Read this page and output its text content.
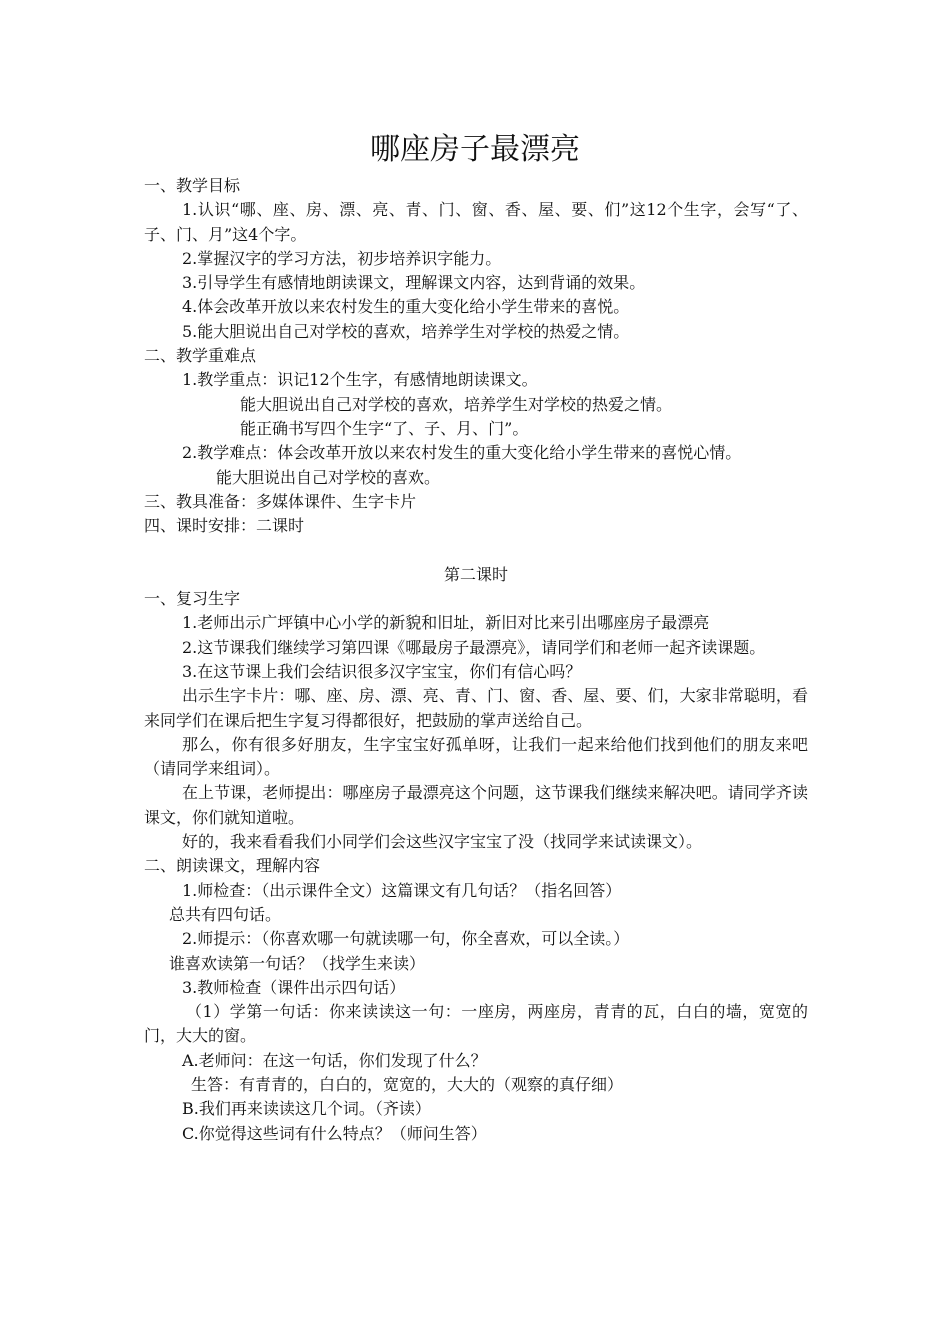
哪座房子最漂亮

一、教学目标

1.认识“哪、座、房、漂、亮、青、门、窗、香、屋、要、们”这12个生字，会写“了、子、门、月”这4个字。

2.掌握汉字的学习方法，初步培养识字能力。

3.引导学生有感情地朗读课文，理解课文内容，达到背诵的效果。

4.体会改革开放以来农村发生的重大变化给小学生带来的喜悦。

5.能大胆说出自己对学校的喜欢，培养学生对学校的热爱之情。

二、教学重难点

1.教学重点：识记12个生字，有感情地朗读课文。

能大胆说出自己对学校的喜欢，培养学生对学校的热爱之情。

能正确书写四个生字“了、子、月、门”。

2.教学难点：体会改革开放以来农村发生的重大变化给小学生带来的喜悦心情。

能大胆说出自己对学校的喜欢。

三、教具准备：多媒体课件、生字卡片

四、课时安排：二课时

第二课时

一、复习生字

1.老师出示广坪镇中心小学的新貌和旧址，新旧对比来引出哪座房子最漂亮

2.这节课我们继续学习第四课《哪最房子最漂亮》，请同学们和老师一起齐读课题。

3.在这节课上我们会结识很多汉字宝宝，你们有信心吗？

出示生字卡片：哪、座、房、漂、亮、青、门、窗、香、屋、要、们，大家非常聪明，看来同学们在课后把生字复习得都很好，把鼓励的掌声送给自己。

那么，你有很多好朋友，生字宝宝好孤单呀，让我们一起来给他们找到他们的朋友来吧（请同学来组词）。

在上节课，老师提出：哪座房子最漂亮这个问题，这节课我们继续来解决吧。请同学齐读课文，你们就知道啦。

好的，我来看看我们小同学们会这些汉字宝宝了没（找同学来试读课文）。

二、朗读课文，理解内容

1.师检查：（出示课件全文）这篇课文有几句话？（指名回答）

总共有四句话。

2.师提示：（你喜欢哪一句就读哪一句，你全喜欢，可以全读。）

谁喜欢读第一句话？（找学生来读）

3.教师检查（课件出示四句话）

（1）学第一句话：你来读读这一句：一座房，两座房，青青的瓦，白白的墙，宽宽的门，大大的窗。

A.老师问：在这一句话，你们发现了什么？

生答：有青青的，白白的，宽宽的，大大的（观察的真仔细）

B.我们再来读读这几个词。（齐读）

C.你觉得这些词有什么特点？（师问生答）
